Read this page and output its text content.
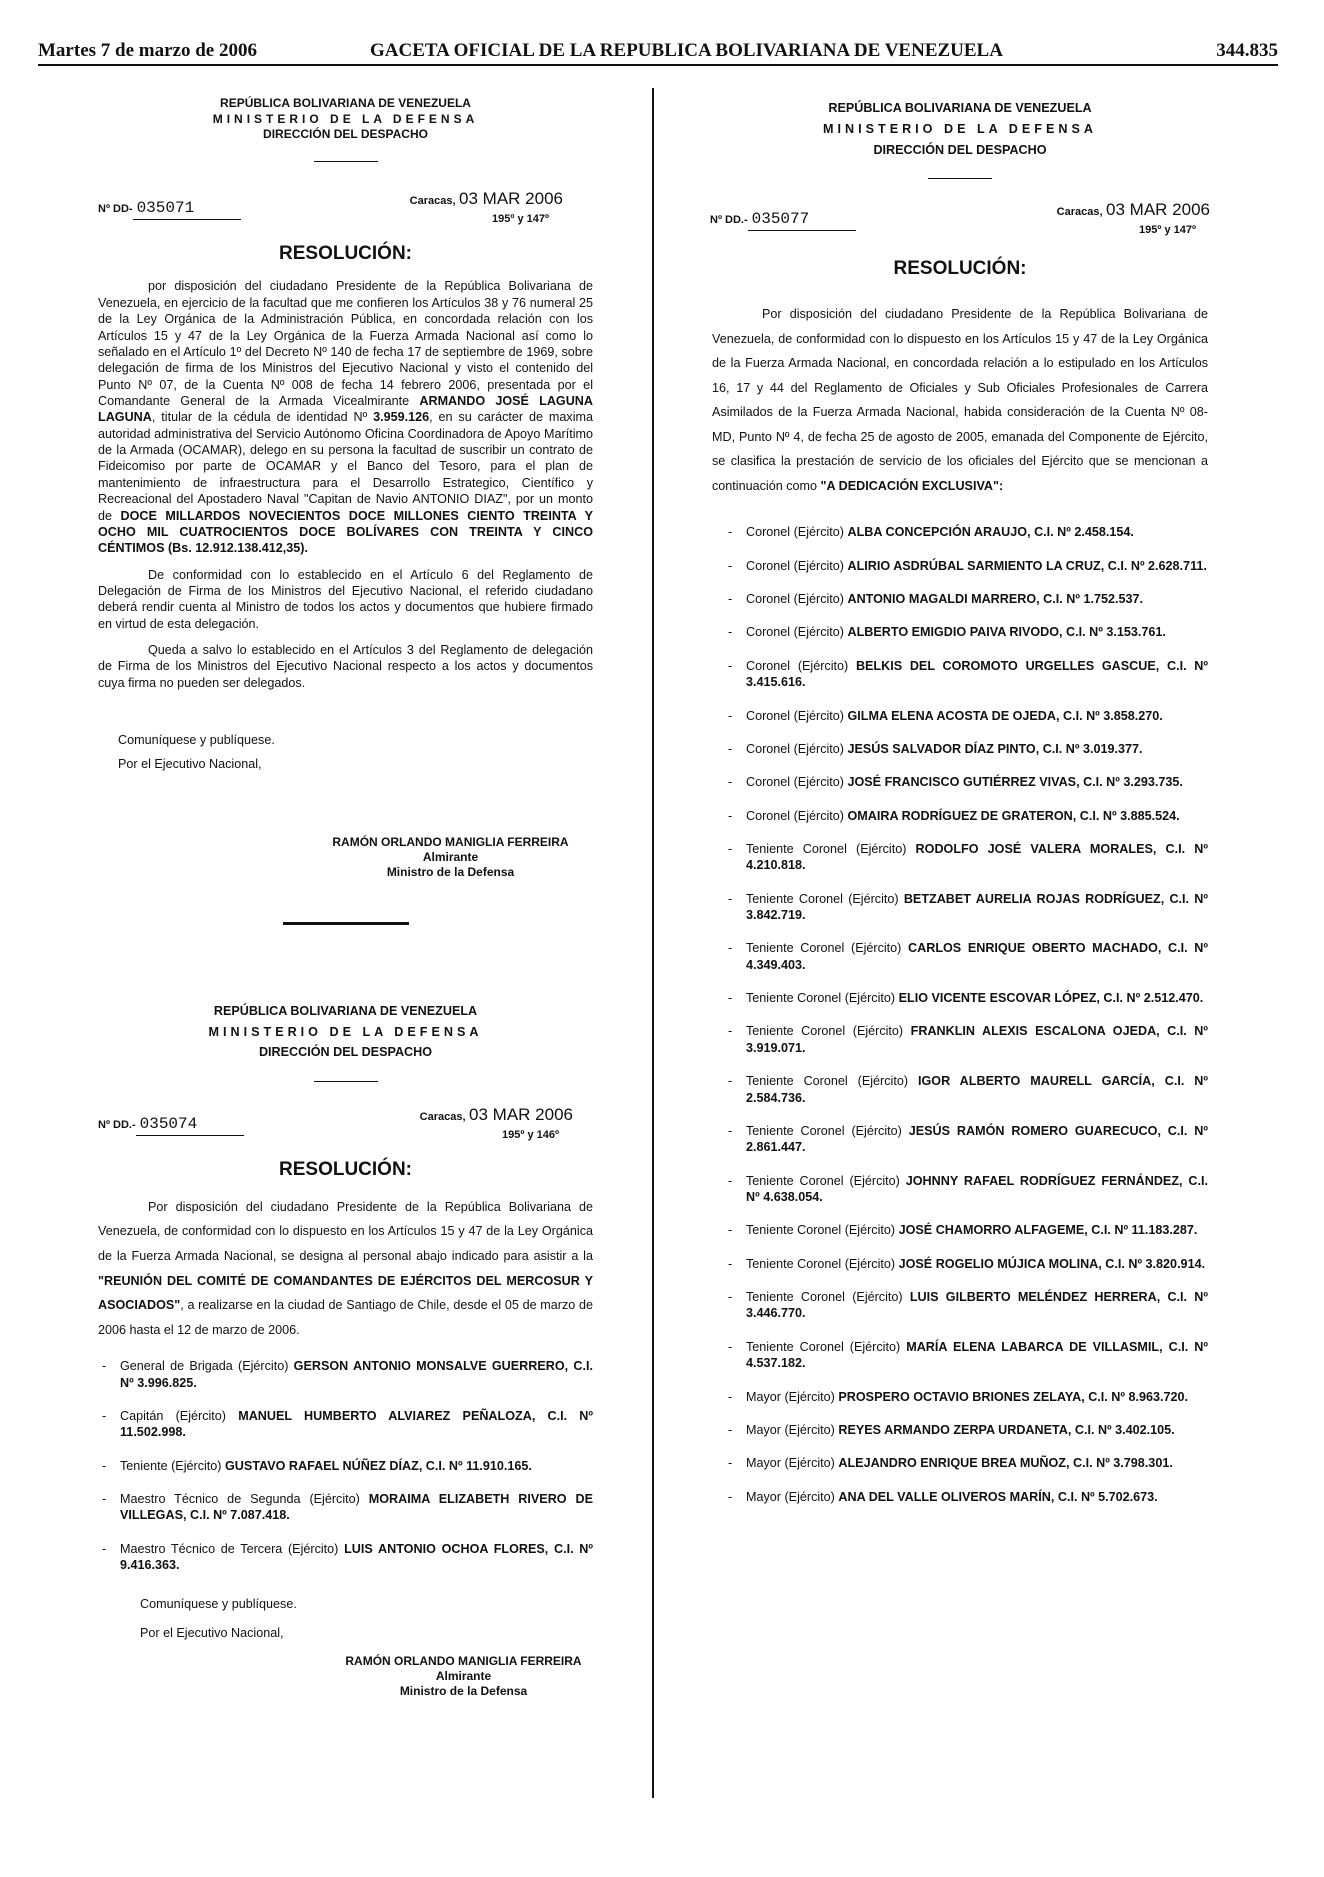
Martes 7 de marzo de 2006	GACETA OFICIAL DE LA REPUBLICA BOLIVARIANA DE VENEZUELA	344.835
REPÚBLICA BOLIVARIANA DE VENEZUELA
MINISTERIO DE LA DEFENSA
DIRECCIÓN DEL DESPACHO
Nº DD- 035071	Caracas, 03 MAR 2006
195º y 147º
RESOLUCIÓN:

por disposición del ciudadano Presidente de la República Bolivariana de Venezuela, en ejercicio de la facultad que me confieren los Artículos 38 y 76 numeral 25 de la Ley Orgánica de la Administración Pública, en concordada relación con los Artículos 15 y 47 de la Ley Orgánica de la Fuerza Armada Nacional así como lo señalado en el Artículo 1º del Decreto Nº 140 de fecha 17 de septiembre de 1969, sobre delegación de firma de los Ministros del Ejecutivo Nacional y visto el contenido del Punto Nº 07, de la Cuenta Nº 008 de fecha 14 febrero 2006, presentada por el Comandante General de la Armada Vicealmirante ARMANDO JOSÉ LAGUNA LAGUNA, titular de la cédula de identidad Nº 3.959.126, en su carácter de maxima autoridad administrativa del Servicio Autónomo Oficina Coordinadora de Apoyo Marítimo de la Armada (OCAMAR), delego en su persona la facultad de suscribir un contrato de Fideicomiso por parte de OCAMAR y el Banco del Tesoro, para el plan de mantenimiento de infraestructura para el Desarrollo Estrategico, Científico y Recreacional del Apostadero Naval "Capitan de Navio ANTONIO DIAZ", por un monto de DOCE MILLARDOS NOVECIENTOS DOCE MILLONES CIENTO TREINTA Y OCHO MIL CUATROCIENTOS DOCE BOLÍVARES CON TREINTA Y CINCO CÉNTIMOS (Bs. 12.912.138.412,35).

De conformidad con lo establecido en el Artículo 6 del Reglamento de Delegación de Firma de los Ministros del Ejecutivo Nacional, el referido ciudadano deberá rendir cuenta al Ministro de todos los actos y documentos que hubiere firmado en virtud de esta delegación.

Queda a salvo lo establecido en el Artículos 3 del Reglamento de delegación de Firma de los Ministros del Ejecutivo Nacional respecto a los actos y documentos cuya firma no pueden ser delegados.

Comuníquese y publíquese.
Por el Ejecutivo Nacional,
RAMÓN ORLANDO MANIGLIA FERREIRA
Almirante
Ministro de la Defensa
REPÚBLICA BOLIVARIANA DE VENEZUELA
MINISTERIO DE LA DEFENSA
DIRECCIÓN DEL DESPACHO
Nº DD.- 035074	Caracas, 03 MAR 2006
195º y 146º
RESOLUCIÓN:

Por disposición del ciudadano Presidente de la República Bolivariana de Venezuela, de conformidad con lo dispuesto en los Artículos 15 y 47 de la Ley Orgánica de la Fuerza Armada Nacional, se designa al personal abajo indicado para asistir a la "REUNIÓN DEL COMITÉ DE COMANDANTES DE EJÉRCITOS DEL MERCOSUR Y ASOCIADOS", a realizarse en la ciudad de Santiago de Chile, desde el 05 de marzo de 2006 hasta el 12 de marzo de 2006.

- General de Brigada (Ejército) GERSON ANTONIO MONSALVE GUERRERO, C.I. Nº 3.996.825.
- Capitán (Ejército) MANUEL HUMBERTO ALVIAREZ PEÑALOZA, C.I. Nº 11.502.998.
- Teniente (Ejército) GUSTAVO RAFAEL NÚÑEZ DÍAZ, C.I. Nº 11.910.165.
- Maestro Técnico de Segunda (Ejército) MORAIMA ELIZABETH RIVERO DE VILLEGAS, C.I. Nº 7.087.418.
- Maestro Técnico de Tercera (Ejército) LUIS ANTONIO OCHOA FLORES, C.I. Nº 9.416.363.
Comuníquese y publíquese.
Por el Ejecutivo Nacional,
RAMÓN ORLANDO MANIGLIA FERREIRA
Almirante
Ministro de la Defensa
REPÚBLICA BOLIVARIANA DE VENEZUELA
MINISTERIO DE LA DEFENSA
DIRECCIÓN DEL DESPACHO
Nº DD.- 035077	Caracas, 03 MAR 2006
195º y 147º
RESOLUCIÓN:

Por disposición del ciudadano Presidente de la República Bolivariana de Venezuela, de conformidad con lo dispuesto en los Artículos 15 y 47 de la Ley Orgánica de la Fuerza Armada Nacional, en concordada relación a lo estipulado en los Artículos 16, 17 y 44 del Reglamento de Oficiales y Sub Oficiales Profesionales de Carrera Asimilados de la Fuerza Armada Nacional, habida consideración de la Cuenta Nº 08-MD, Punto Nº 4, de fecha 25 de agosto de 2005, emanada del Componente de Ejército, se clasifica la prestación de servicio de los oficiales del Ejército que se mencionan a continuación como "A DEDICACIÓN EXCLUSIVA":

- Coronel (Ejército) ALBA CONCEPCIÓN ARAUJO, C.I. Nº 2.458.154.
- Coronel (Ejército) ALIRIO ASDRÚBAL SARMIENTO LA CRUZ, C.I. Nº 2.628.711.
- Coronel (Ejército) ANTONIO MAGALDI MARRERO, C.I. Nº 1.752.537.
- Coronel (Ejército) ALBERTO EMIGDIO PAIVA RIVODO, C.I. Nº 3.153.761.
- Coronel (Ejército) BELKIS DEL COROMOTO URGELLES GASCUE, C.I. Nº 3.415.616.
- Coronel (Ejército) GILMA ELENA ACOSTA DE OJEDA, C.I. Nº 3.858.270.
- Coronel (Ejército) JESÚS SALVADOR DÍAZ PINTO, C.I. Nº 3.019.377.
- Coronel (Ejército) JOSÉ FRANCISCO GUTIÉRREZ VIVAS, C.I. Nº 3.293.735.
- Coronel (Ejército) OMAIRA RODRÍGUEZ DE GRATERON, C.I. Nº 3.885.524.
- Teniente Coronel (Ejército) RODOLFO JOSÉ VALERA MORALES, C.I. Nº 4.210.818.
- Teniente Coronel (Ejército) BETZABET AURELIA ROJAS RODRÍGUEZ, C.I. Nº 3.842.719.
- Teniente Coronel (Ejército) CARLOS ENRIQUE OBERTO MACHADO, C.I. Nº 4.349.403.
- Teniente Coronel (Ejército) ELIO VICENTE ESCOVAR LÓPEZ, C.I. Nº 2.512.470.
- Teniente Coronel (Ejército) FRANKLIN ALEXIS ESCALONA OJEDA, C.I. Nº 3.919.071.
- Teniente Coronel (Ejército) IGOR ALBERTO MAURELL GARCÍA, C.I. Nº 2.584.736.
- Teniente Coronel (Ejército) JESÚS RAMÓN ROMERO GUARECUCO, C.I. Nº 2.861.447.
- Teniente Coronel (Ejército) JOHNNY RAFAEL RODRÍGUEZ FERNÁNDEZ, C.I. Nº 4.638.054.
- Teniente Coronel (Ejército) JOSÉ CHAMORRO ALFAGEME, C.I. Nº 11.183.287.
- Teniente Coronel (Ejército) JOSÉ ROGELIO MÚJICA MOLINA, C.I. Nº 3.820.914.
- Teniente Coronel (Ejército) LUIS GILBERTO MELÉNDEZ HERRERA, C.I. Nº 3.446.770.
- Teniente Coronel (Ejército) MARÍA ELENA LABARCA DE VILLASMIL, C.I. Nº 4.537.182.
- Mayor (Ejército) PROSPERO OCTAVIO BRIONES ZELAYA, C.I. Nº 8.963.720.
- Mayor (Ejército) REYES ARMANDO ZERPA URDANETA, C.I. Nº 3.402.105.
- Mayor (Ejército) ALEJANDRO ENRIQUE BREA MUÑOZ, C.I. Nº 3.798.301.
- Mayor (Ejército) ANA DEL VALLE OLIVEROS MARÍN, C.I. Nº 5.702.673.
